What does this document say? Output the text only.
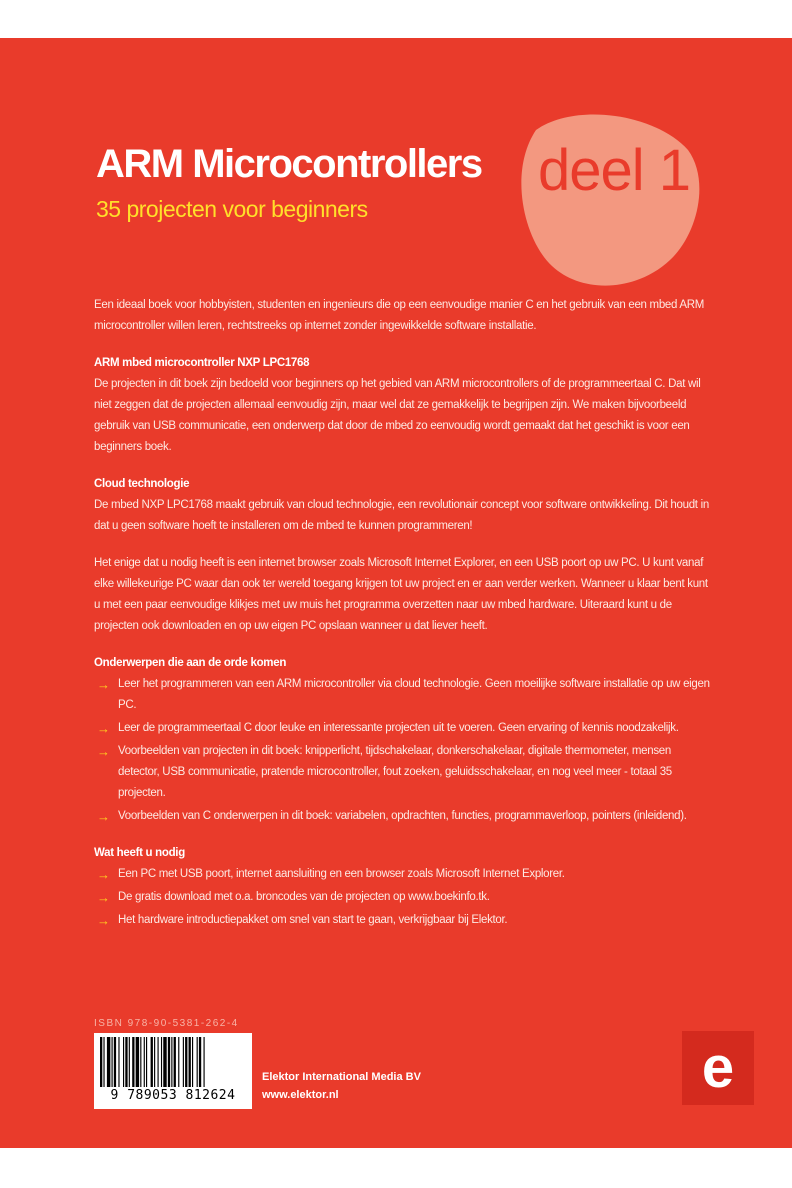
deel 1
ARM Microcontrollers
35 projecten voor beginners

Een ideaal boek voor hobbyisten, studenten en ingenieurs die op een eenvoudige manier C en het gebruik van een mbed ARM microcontroller willen leren, rechtstreeks op internet zonder ingewikkelde software installatie.

ARM mbed microcontroller NXP LPC1768

De projecten in dit boek zijn bedoeld voor beginners op het gebied van ARM microcontrollers of de programmeertaal C. Dat wil niet zeggen dat de projecten allemaal eenvoudig zijn, maar wel dat ze gemakkelijk te begrijpen zijn. We maken bijvoorbeeld gebruik van USB communicatie, een onderwerp dat door de mbed zo eenvoudig wordt gemaakt dat het geschikt is voor een beginners boek.

Cloud technologie

De mbed NXP LPC1768 maakt gebruik van cloud technologie, een revolutionair concept voor software ontwikkeling. Dit houdt in dat u geen software hoeft te installeren om de mbed te kunnen programmeren!

Het enige dat u nodig heeft is een internet browser zoals Microsoft Internet Explorer, en een USB poort op uw PC. U kunt vanaf elke willekeurige PC waar dan ook ter wereld toegang krijgen tot uw project en er aan verder werken. Wanneer u klaar bent kunt u met een paar eenvoudige klikjes met uw muis het programma overzetten naar uw mbed hardware. Uiteraard kunt u de projecten ook downloaden en op uw eigen PC opslaan wanneer u dat liever heeft.

Onderwerpen die aan de orde komen

→ Leer het programmeren van een ARM microcontroller via cloud technologie. Geen moeilijke software installatie op uw eigen PC.
→ Leer de programmeertaal C door leuke en interessante projecten uit te voeren. Geen ervaring of kennis noodzakelijk.
→ Voorbeelden van projecten in dit boek: knipperlicht, tijdschakelaar, donkerschakelaar, digitale thermometer, mensen detector, USB communicatie, pratende microcontroller, fout zoeken, geluidsschakelaar, en nog veel meer - totaal 35 projecten.
→ Voorbeelden van C onderwerpen in dit boek: variabelen, opdrachten, functies, programmaverloop, pointers (inleidend).

Wat heeft u nodig

→ Een PC met USB poort, internet aansluiting en een browser zoals Microsoft Internet Explorer.
→ De gratis download met o.a. broncodes van de projecten op www.boekinfo.tk.
→ Het hardware introductiepakket om snel van start te gaan, verkrijgbaar bij Elektor.
ISBN 978-90-5381-262-4
9 789053 812624
Elektor International Media BV
www.elektor.nl	e
